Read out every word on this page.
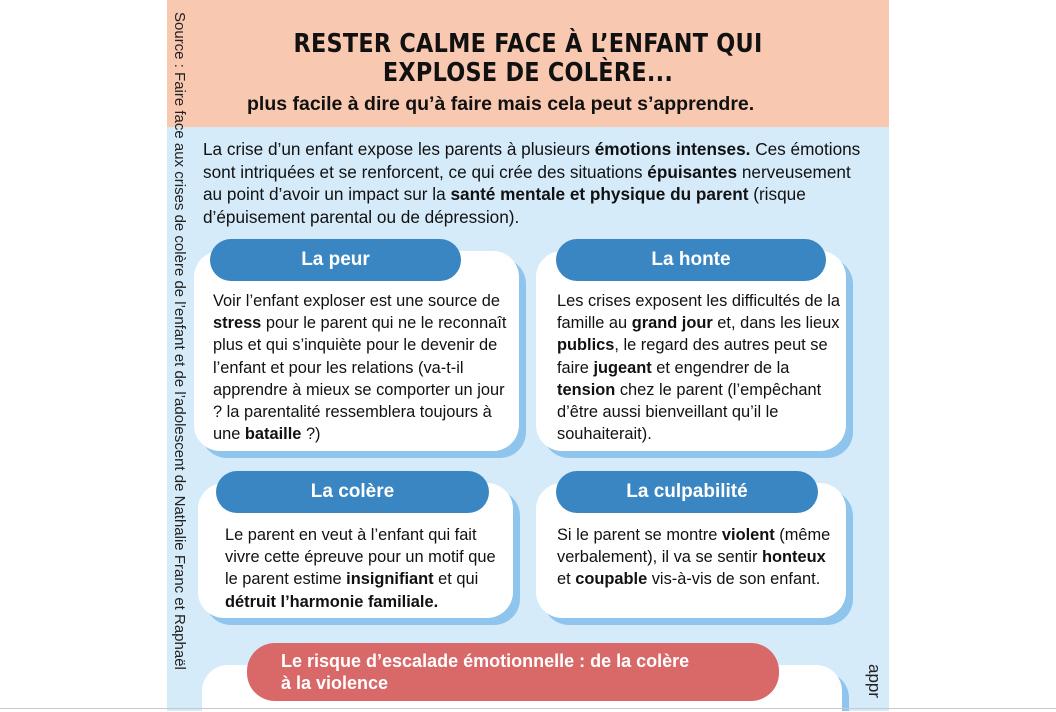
RESTER CALME FACE À L’ENFANT QUI
EXPLOSE DE COLÈRE...
plus facile à dire qu’à faire mais cela peut s’apprendre.
La crise d’un enfant expose les parents à plusieurs émotions intenses. Ces émotions sont intriquées et se renforcent, ce qui crée des situations épuisantes nerveusement au point d’avoir un impact sur la santé mentale et physique du parent (risque d’épuisement parental ou de dépression).
La peur
Voir l’enfant exploser est une source de stress pour le parent qui ne le reconnaît plus et qui s’inquiète pour le devenir de l’enfant et pour les relations (va-t-il apprendre à mieux se comporter un jour ? la parentalité ressemblera toujours à une bataille ?)
La honte
Les crises exposent les difficultés de la famille au grand jour et, dans les lieux publics, le regard des autres peut se faire jugeant et engendrer de la tension chez le parent (l’empêchant d’être aussi bienveillant qu’il le souhaiterait).
La colère
Le parent en veut à l’enfant qui fait vivre cette épreuve pour un motif que le parent estime insignifiant et qui détruit l’harmonie familiale.
La culpabilité
Si le parent se montre violent (même verbalement), il va se sentir honteux et coupable vis-à-vis de son enfant.
Le risque d’escalade émotionnelle : de la colère
à la violence
Source : Faire face aux crises de colère de l’enfant et de l’adolescent de Nathalie Franc et Raphaël
appr
